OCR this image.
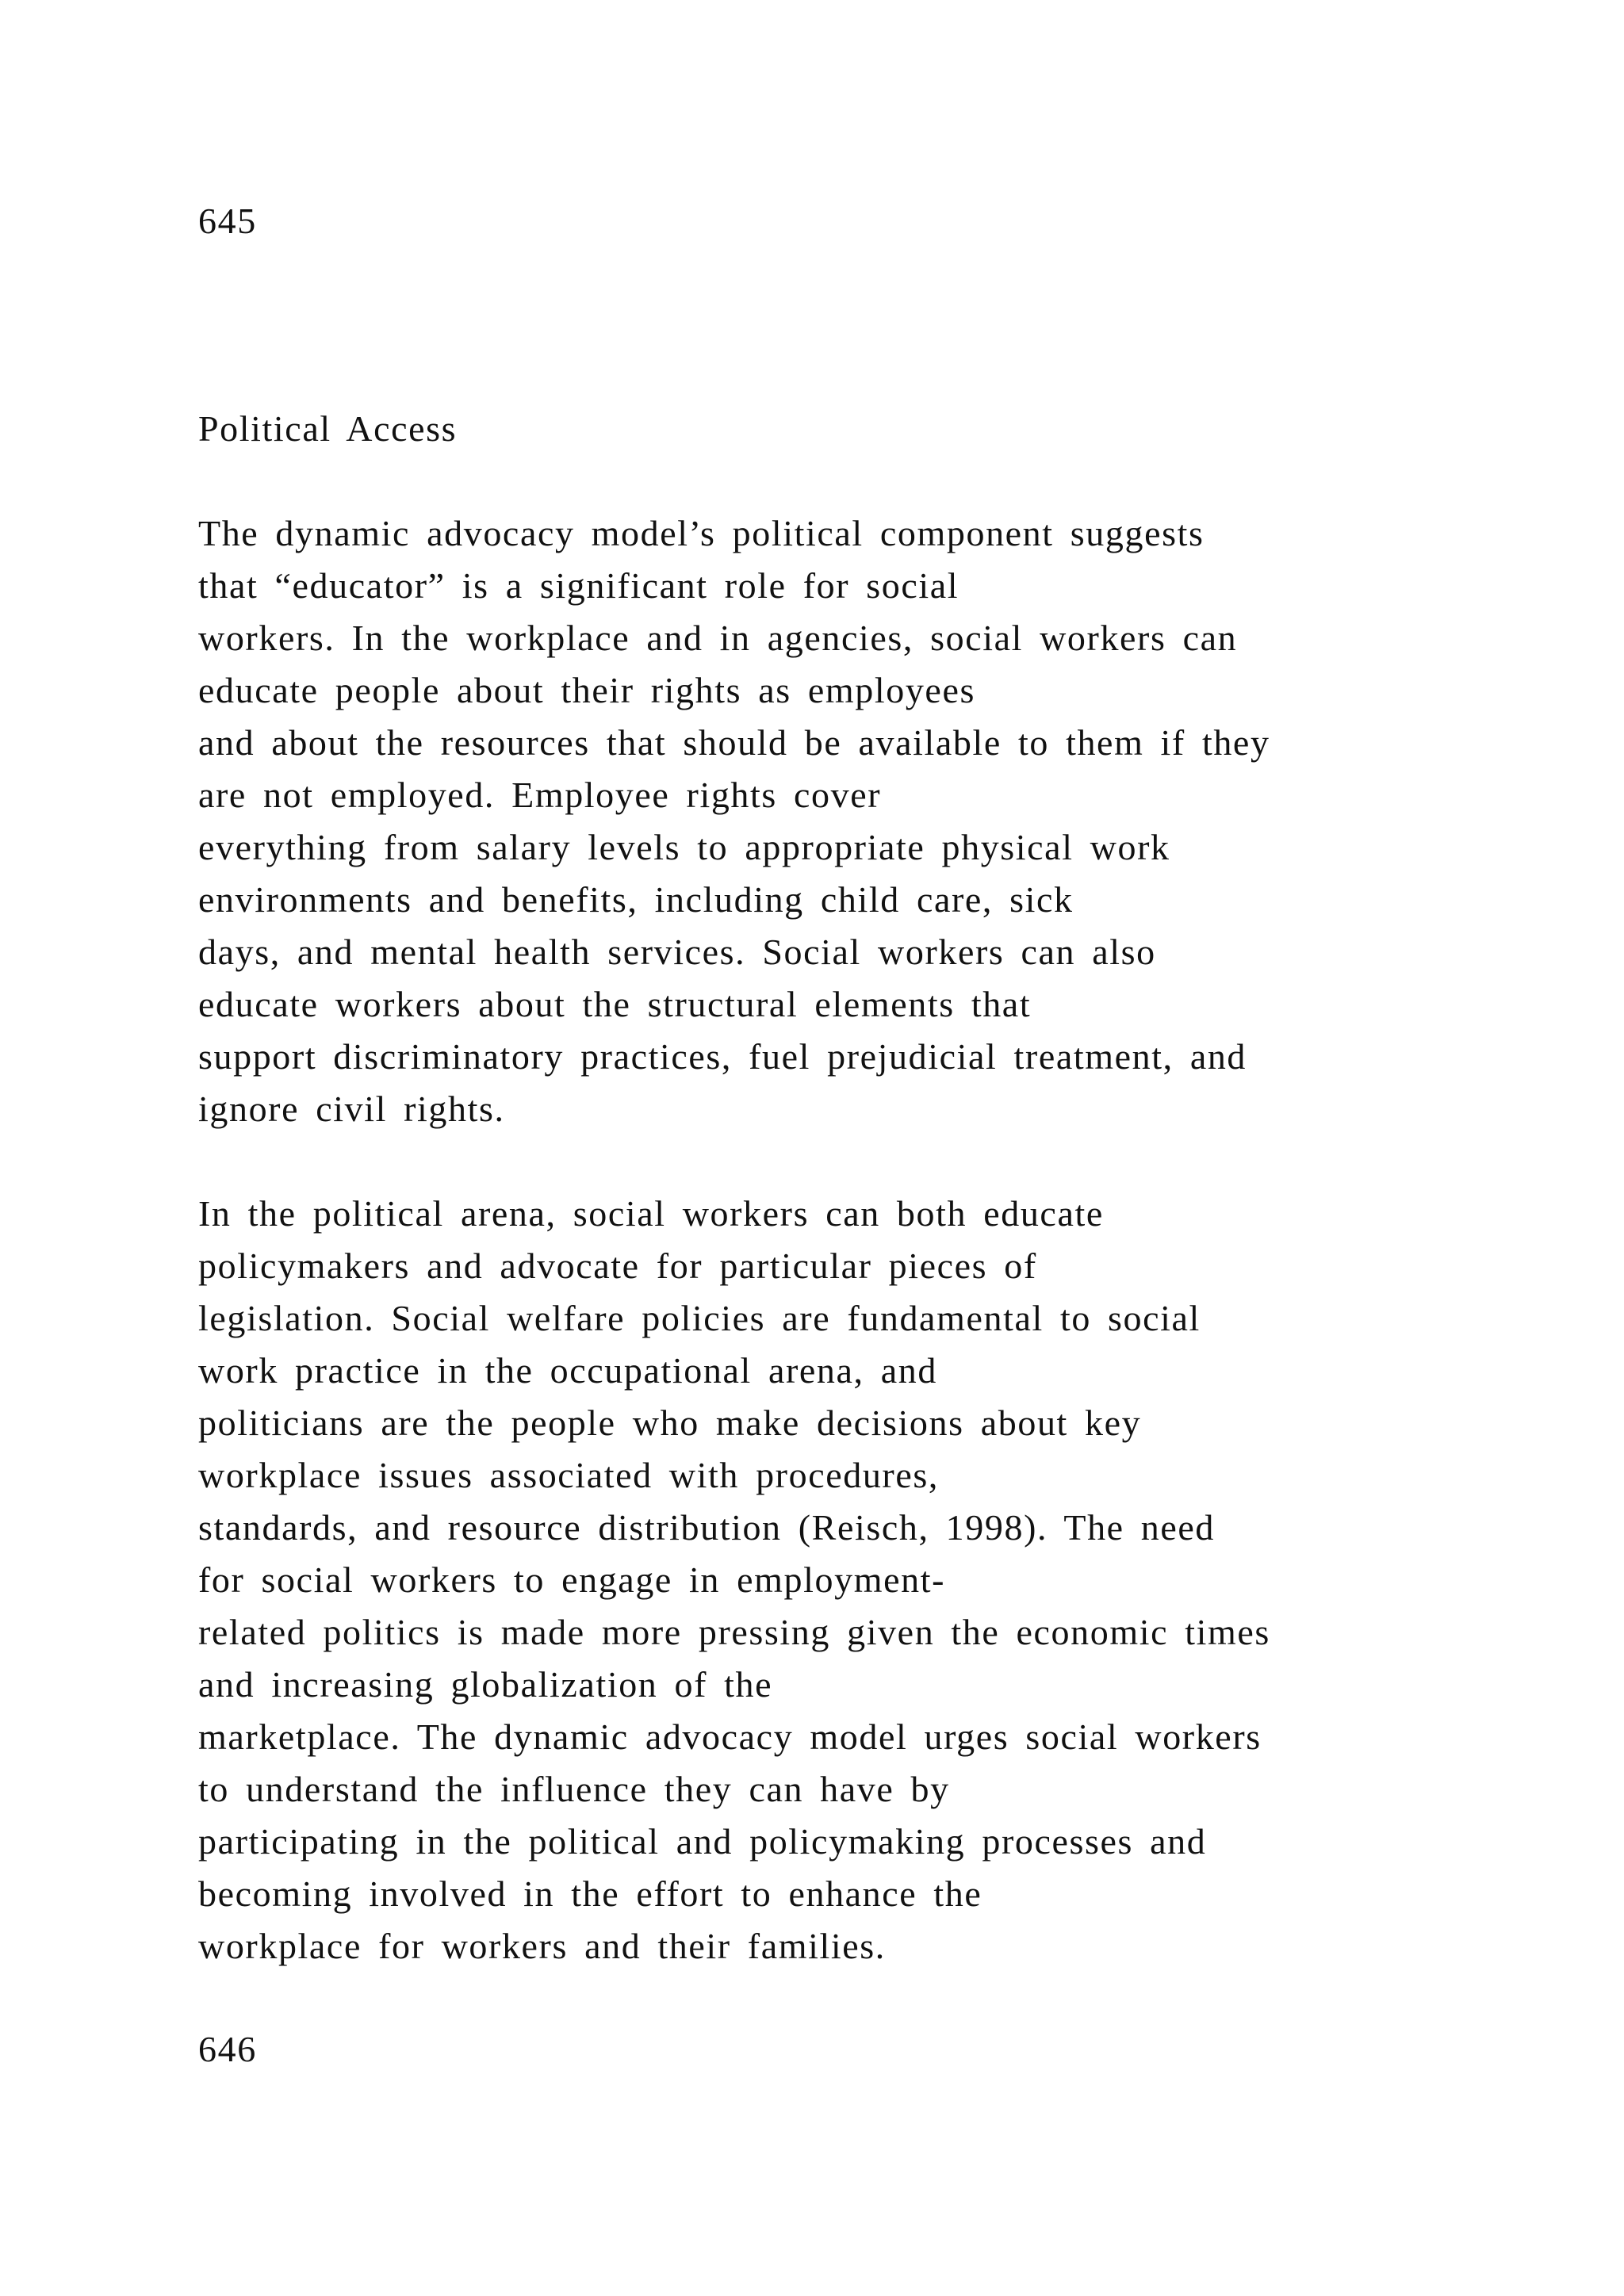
645
Political Access
The dynamic advocacy model’s political component suggests
that “educator” is a significant role for social
workers. In the workplace and in agencies, social workers can
educate people about their rights as employees
and about the resources that should be available to them if they
are not employed. Employee rights cover
everything from salary levels to appropriate physical work
environments and benefits, including child care, sick
days, and mental health services. Social workers can also
educate workers about the structural elements that
support discriminatory practices, fuel prejudicial treatment, and
ignore civil rights.
In the political arena, social workers can both educate
policymakers and advocate for particular pieces of
legislation. Social welfare policies are fundamental to social
work practice in the occupational arena, and
politicians are the people who make decisions about key
workplace issues associated with procedures,
standards, and resource distribution (Reisch, 1998). The need
for social workers to engage in employment-
related politics is made more pressing given the economic times
and increasing globalization of the
marketplace. The dynamic advocacy model urges social workers
to understand the influence they can have by
participating in the political and policymaking processes and
becoming involved in the effort to enhance the
workplace for workers and their families.
646
